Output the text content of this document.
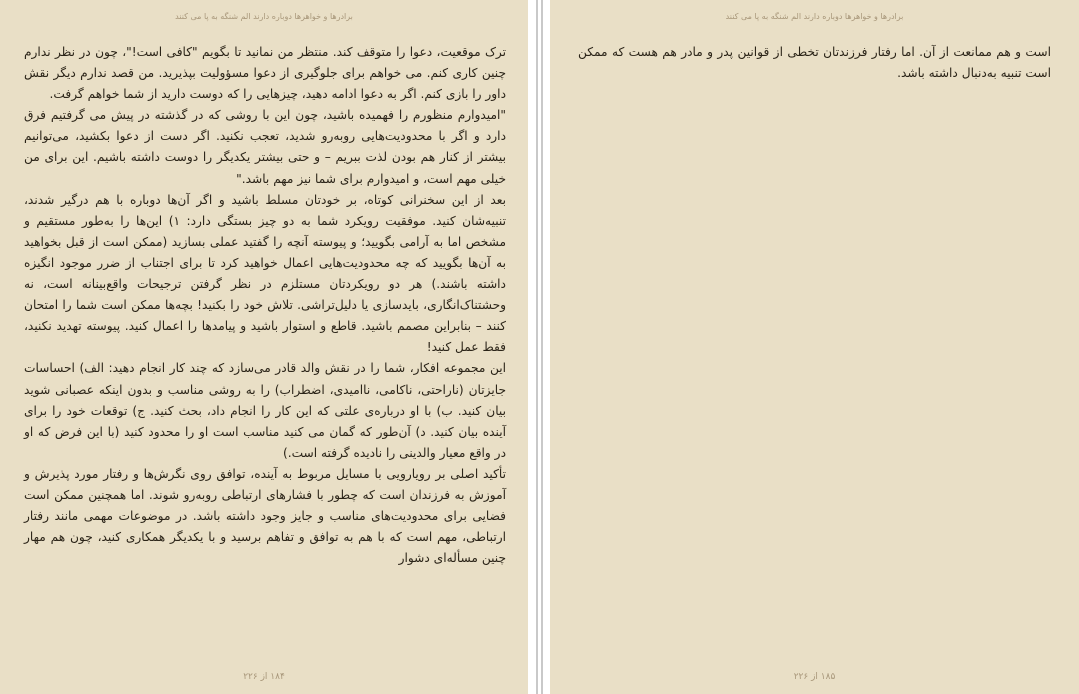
برادرها و خواهرها دوباره دارند الم شنگه به پا می کنند

ترک موقعیت، دعوا را متوقف کند. منتظر من نمانید تا بگویم "کافی است!"، چون در نظر ندارم چنین کاری کنم. می خواهم برای جلوگیری از دعوا مسؤولیت بپذیرید. من قصد ندارم دیگر نقش داور را بازی کنم. اگر به دعوا ادامه دهید، چیزهایی را که دوست دارید از شما خواهم گرفت.

"امیدوارم منظورم را فهمیده باشید، چون این با روشی که در گذشته در پیش می گرفتیم فرق دارد و اگر با محدودیت‌هایی روبه‌رو شدید، تعجب نکنید. اگر دست از دعوا بکشید، می‌توانیم بیشتر از کنار هم بودن لذت ببریم – و حتی بیشتر یکدیگر را دوست داشته باشیم. این برای من خیلی مهم است، و امیدوارم برای شما نیز مهم باشد."

بعد از این سخنرانی کوتاه، بر خودتان مسلط باشید و اگر آن‌ها دوباره با هم درگیر شدند، تنبیه‌شان کنید. موفقیت رویکرد شما به دو چیز بستگی دارد: ۱) این‌ها را به‌طور مستقیم و مشخص اما به آرامی بگویید؛ و پیوسته آنچه را گفتید عملی بسازید (ممکن است از قبل بخواهید به آن‌ها بگویید که چه محدودیت‌هایی اعمال خواهید کرد تا برای اجتناب از ضرر موجود انگیزه داشته باشند.) هر دو رویکردتان مستلزم در نظر گرفتن ترجیحات واقع‌بینانه است، نه وحشتناک‌انگاری، بایدسازی یا دلیل‌تراشی. تلاش خود را بکنید! بچه‌ها ممکن است شما را امتحان کنند – بنابراین مصمم باشید. قاطع و استوار باشید و پیامدها را اعمال کنید. پیوسته تهدید نکنید، فقط عمل کنید!

این مجموعه افکار، شما را در نقش والد قادر می‌سازد که چند کار انجام دهید: الف) احساسات جایزتان (ناراحتی، ناکامی، ناامیدی، اضطراب) را به روشی مناسب و بدون اینکه عصبانی شوید بیان کنید. ب) با او درباره‌ی علتی که این کار را انجام داد، بحث کنید. ج) توقعات خود را برای آینده بیان کنید. د) آن‌طور که گمان می کنید مناسب است او را محدود کنید (با این فرض که او در واقع معیار والدینی را نادیده گرفته است.)

تأکید اصلی بر رویارویی با مسایل مربوط به آینده، توافق روی نگرش‌ها و رفتار مورد پذیرش و آموزش به فرزندان است که چطور با فشارهای ارتباطی روبه‌رو شوند. اما همچنین ممکن است فضایی برای محدودیت‌های مناسب و جایز وجود داشته باشد. در موضوعات مهمی مانند رفتار ارتباطی، مهم است که با هم به توافق و تفاهم برسید و با یکدیگر همکاری کنید، چون هم مهار چنین مسأله‌ای دشوار

۱۸۴ از ۲۲۶
برادرها و خواهرها دوباره دارند الم شنگه به پا می کنند

است و هم ممانعت از آن. اما رفتار فرزندتان تخطی از قوانین پدر و مادر هم هست که ممکن است تنبیه به‌دنبال داشته باشد.

۱۸۵ از ۲۲۶
